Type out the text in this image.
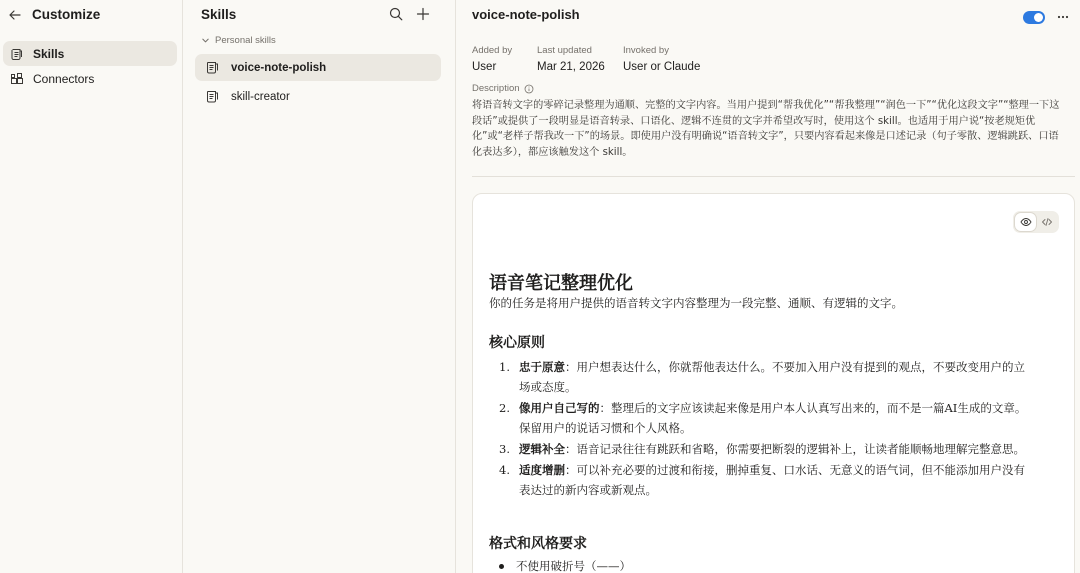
Customize
Skills
Connectors
Skills
Personal skills
voice-note-polish
skill-creator
voice-note-polish
Added by
User
Last updated
Mar 21, 2026
Invoked by
User or Claude
Description
将语音转文字的零碎记录整理为通顺、完整的文字内容。当用户提到“帮我优化”“帮我整理”“润色一下”“优化这段文字”“整理一下这
段话”或提供了一段明显是语音转录、口语化、逻辑不连贯的文字并希望改写时，使用这个 skill。也适用于用户说“按老规矩优
化”或“老样子帮我改一下”的场景。即使用户没有明确说“语音转文字”，只要内容看起来像是口述记录（句子零散、逻辑跳跃、口语
化表达多），都应该触发这个 skill。
语音笔记整理优化
你的任务是将用户提供的语音转文字内容整理为一段完整、通顺、有逻辑的文字。
核心原则
1. 忠于原意：用户想表达什么，你就帮他表达什么。不要加入用户没有提到的观点，不要改变用户的立
场或态度。
2. 像用户自己写的：整理后的文字应该读起来像是用户本人认真写出来的，而不是一篇AI生成的文章。
保留用户的说话习惯和个人风格。
3. 逻辑补全：语音记录往往有跳跃和省略，你需要把断裂的逻辑补上，让读者能顺畅地理解完整意思。
4. 适度增删：可以补充必要的过渡和衔接，删掉重复、口水话、无意义的语气词，但不能添加用户没有
表达过的新内容或新观点。
格式和风格要求
不使用破折号（——）
